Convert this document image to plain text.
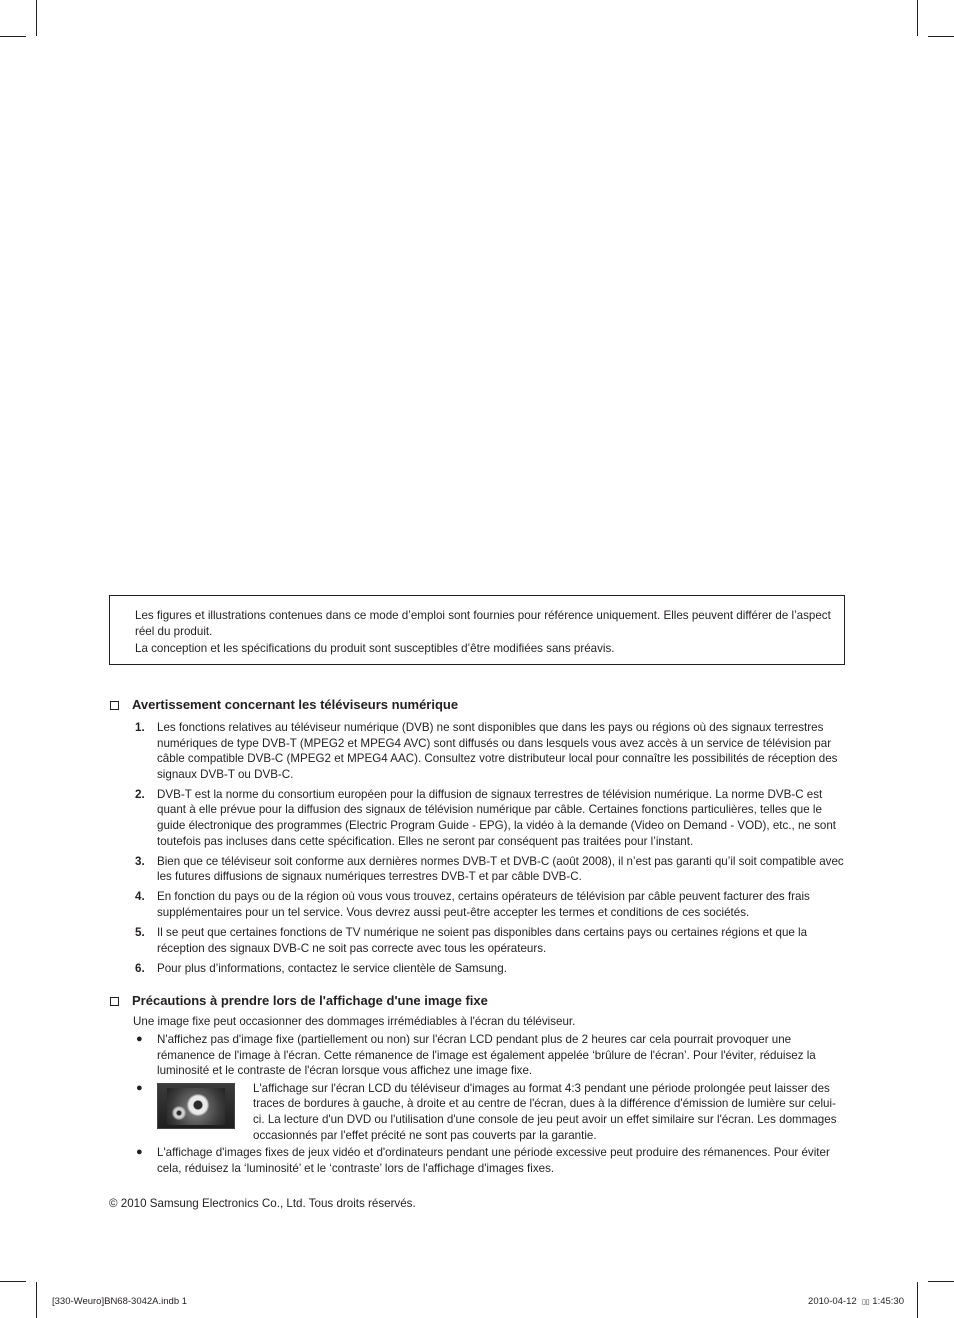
Les figures et illustrations contenues dans ce mode d’emploi sont fournies pour référence uniquement. Elles peuvent différer de l’aspect réel du produit.

La conception et les spécifications du produit sont susceptibles d’être modifiées sans préavis.

Avertissement concernant les téléviseurs numérique
1. Les fonctions relatives au téléviseur numérique (DVB) ne sont disponibles que dans les pays ou régions où des signaux terrestres numériques de type DVB-T (MPEG2 et MPEG4 AVC) sont diffusés ou dans lesquels vous avez accès à un service de télévision par câble compatible DVB-C (MPEG2 et MPEG4 AAC). Consultez votre distributeur local pour connaître les possibilités de réception des signaux DVB-T ou DVB-C.
2. DVB-T est la norme du consortium européen pour la diffusion de signaux terrestres de télévision numérique. La norme DVB-C est quant à elle prévue pour la diffusion des signaux de télévision numérique par câble. Certaines fonctions particulières, telles que le guide électronique des programmes (Electric Program Guide - EPG), la vidéo à la demande (Video on Demand - VOD), etc., ne sont toutefois pas incluses dans cette spécification. Elles ne seront par conséquent pas traitées pour l’instant.
3. Bien que ce téléviseur soit conforme aux dernières normes DVB-T et DVB-C (août 2008), il n’est pas garanti qu’il soit compatible avec les futures diffusions de signaux numériques terrestres DVB-T et par câble DVB-C.
4. En fonction du pays ou de la région où vous vous trouvez, certains opérateurs de télévision par câble peuvent facturer des frais supplémentaires pour un tel service. Vous devrez aussi peut-être accepter les termes et conditions de ces sociétés.
5. Il se peut que certaines fonctions de TV numérique ne soient pas disponibles dans certains pays ou certaines régions et que la réception des signaux DVB-C ne soit pas correcte avec tous les opérateurs.
6. Pour plus d’informations, contactez le service clientèle de Samsung.
Précautions à prendre lors de l'affichage d'une image fixe
Une image fixe peut occasionner des dommages irrémédiables à l'écran du téléviseur.
● N'affichez pas d'image fixe (partiellement ou non) sur l'écran LCD pendant plus de 2 heures car cela pourrait provoquer une rémanence de l'image à l'écran. Cette rémanence de l'image est également appelée ‘brûlure de l'écran’. Pour l'éviter, réduisez la luminosité et le contraste de l'écran lorsque vous affichez une image fixe.
●	L'affichage sur l'écran LCD du téléviseur d'images au format 4:3 pendant une période prolongée peut laisser des traces de bordures à gauche, à droite et au centre de l'écran, dues à la différence d'émission de lumière sur celui-ci. La lecture d'un DVD ou l'utilisation d'une console de jeu peut avoir un effet similaire sur l'écran. Les dommages occasionnés par l'effet précité ne sont pas couverts par la garantie.
● L'affichage d'images fixes de jeux vidéo et d'ordinateurs pendant une période excessive peut produire des rémanences. Pour éviter cela, réduisez la ‘luminosité’ et le ‘contraste’ lors de l'affichage d'images fixes.
© 2010 Samsung Electronics Co., Ltd. Tous droits réservés.
[330-Weuro]BN68-3042A.indb 1	2010-04-12 ▯▯ 1:45:30
